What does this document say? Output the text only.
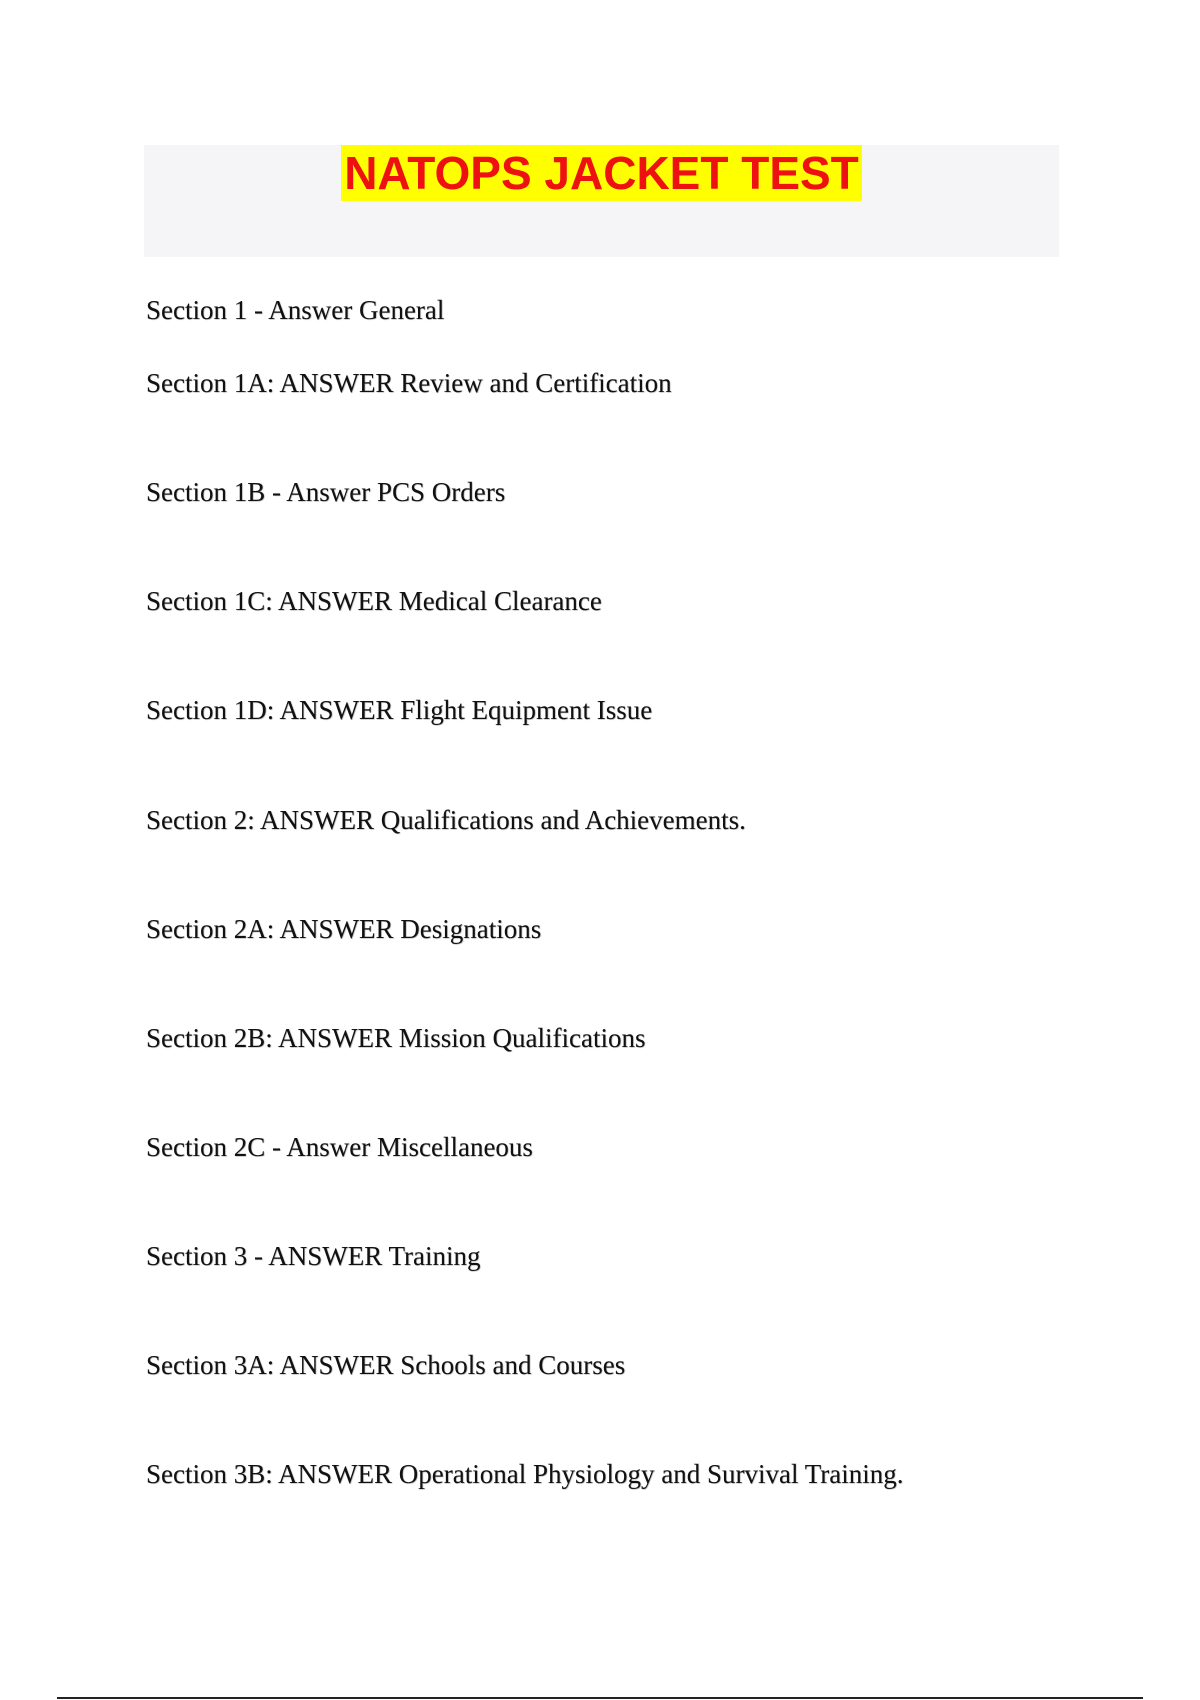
NATOPS JACKET TEST

Section 1 - Answer General

Section 1A: ANSWER Review and Certification

Section 1B - Answer PCS Orders

Section 1C: ANSWER Medical Clearance

Section 1D: ANSWER Flight Equipment Issue

Section 2: ANSWER Qualifications and Achievements.

Section 2A: ANSWER Designations

Section 2B: ANSWER Mission Qualifications

Section 2C - Answer Miscellaneous

Section 3 - ANSWER Training

Section 3A: ANSWER Schools and Courses

Section 3B: ANSWER Operational Physiology and Survival Training.
